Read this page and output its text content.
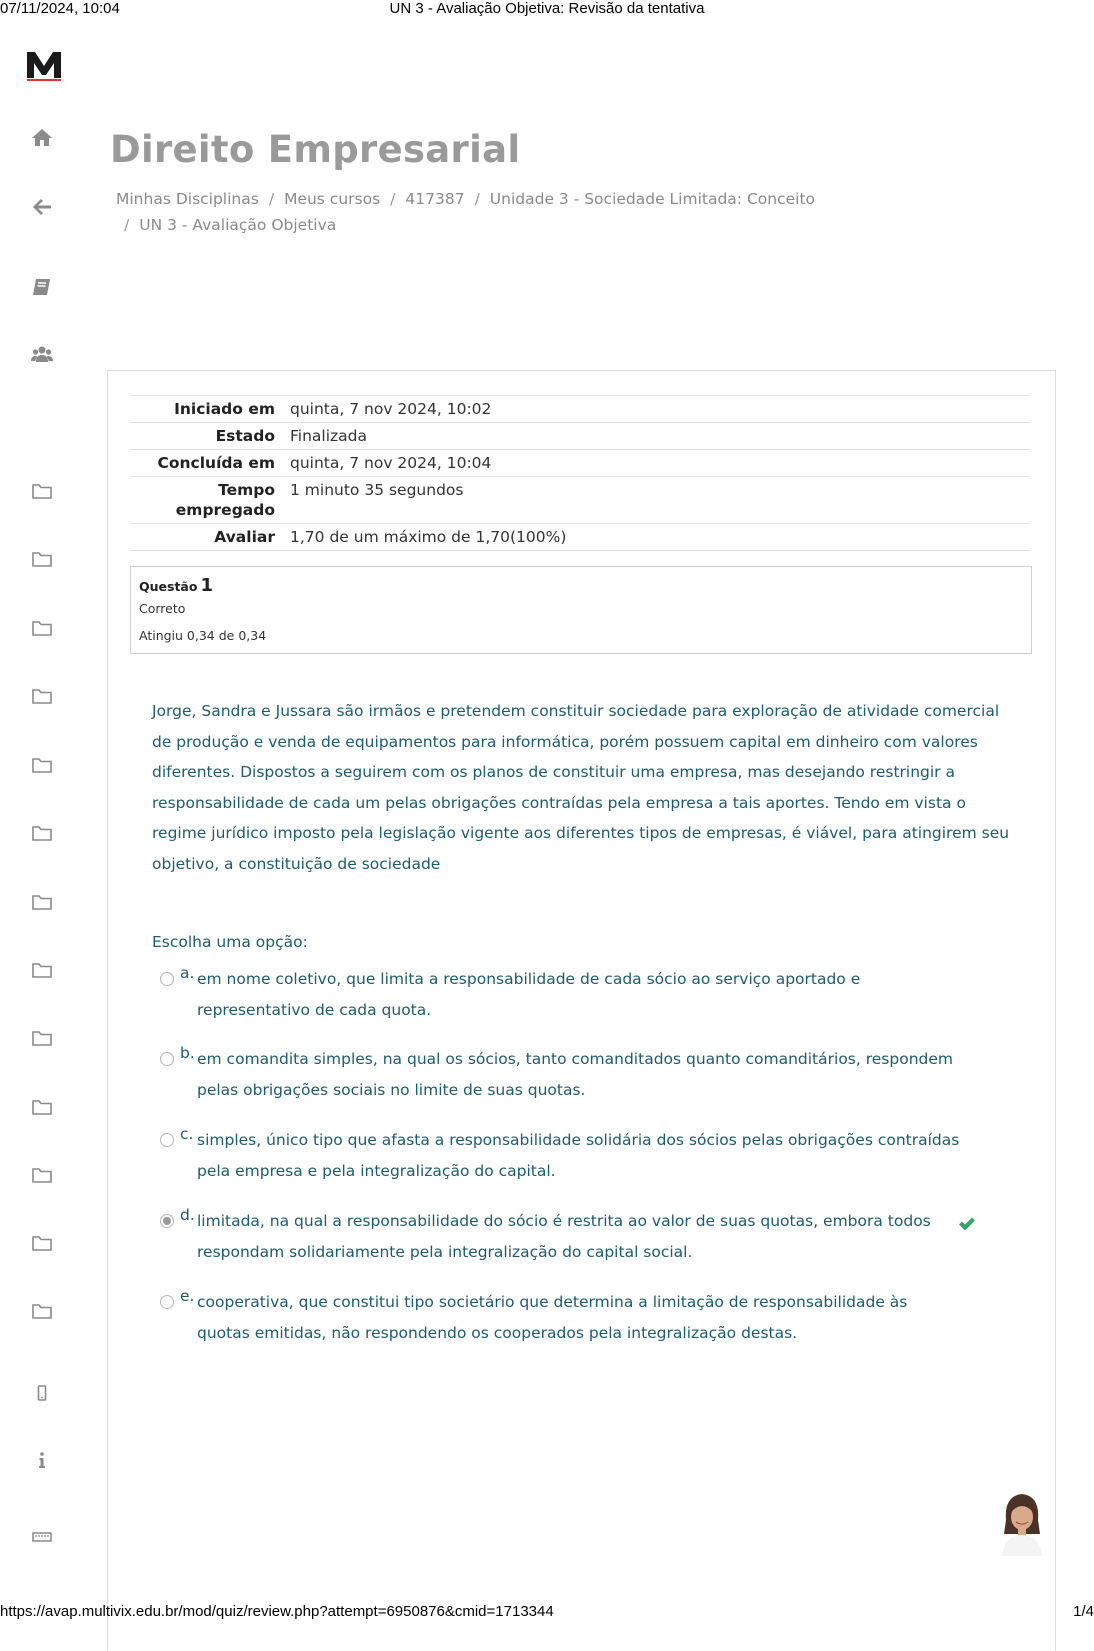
07/11/2024, 10:04	UN 3 - Avaliação Objetiva: Revisão da tentativa
Direito Empresarial
Minhas Disciplinas / Meus cursos / 417387 / Unidade 3 - Sociedade Limitada: Conceito
/ UN 3 - Avaliação Objetiva
Iniciado em	quinta, 7 nov 2024, 10:02
Estado	Finalizada
Concluída em	quinta, 7 nov 2024, 10:04
Tempo
empregado	1 minuto 35 segundos
Avaliar	1,70 de um máximo de 1,70(100%)
Questão 1
Correto
Atingiu 0,34 de 0,34
Jorge, Sandra e Jussara são irmãos e pretendem constituir sociedade para exploração de atividade comercial de produção e venda de equipamentos para informática, porém possuem capital em dinheiro com valores diferentes. Dispostos a seguirem com os planos de constituir uma empresa, mas desejando restringir a responsabilidade de cada um pelas obrigações contraídas pela empresa a tais aportes. Tendo em vista o regime jurídico imposto pela legislação vigente aos diferentes tipos de empresas, é viável, para atingirem seu objetivo, a constituição de sociedade
Escolha uma opção:
a. em nome coletivo, que limita a responsabilidade de cada sócio ao serviço aportado e representativo de cada quota.
b. em comandita simples, na qual os sócios, tanto comanditados quanto comanditários, respondem pelas obrigações sociais no limite de suas quotas.
c. simples, único tipo que afasta a responsabilidade solidária dos sócios pelas obrigações contraídas pela empresa e pela integralização do capital.
d. limitada, na qual a responsabilidade do sócio é restrita ao valor de suas quotas, embora todos respondam solidariamente pela integralização do capital social.
e. cooperativa, que constitui tipo societário que determina a limitação de responsabilidade às quotas emitidas, não respondendo os cooperados pela integralização destas.
https://avap.multivix.edu.br/mod/quiz/review.php?attempt=6950876&cmid=1713344	1/4
